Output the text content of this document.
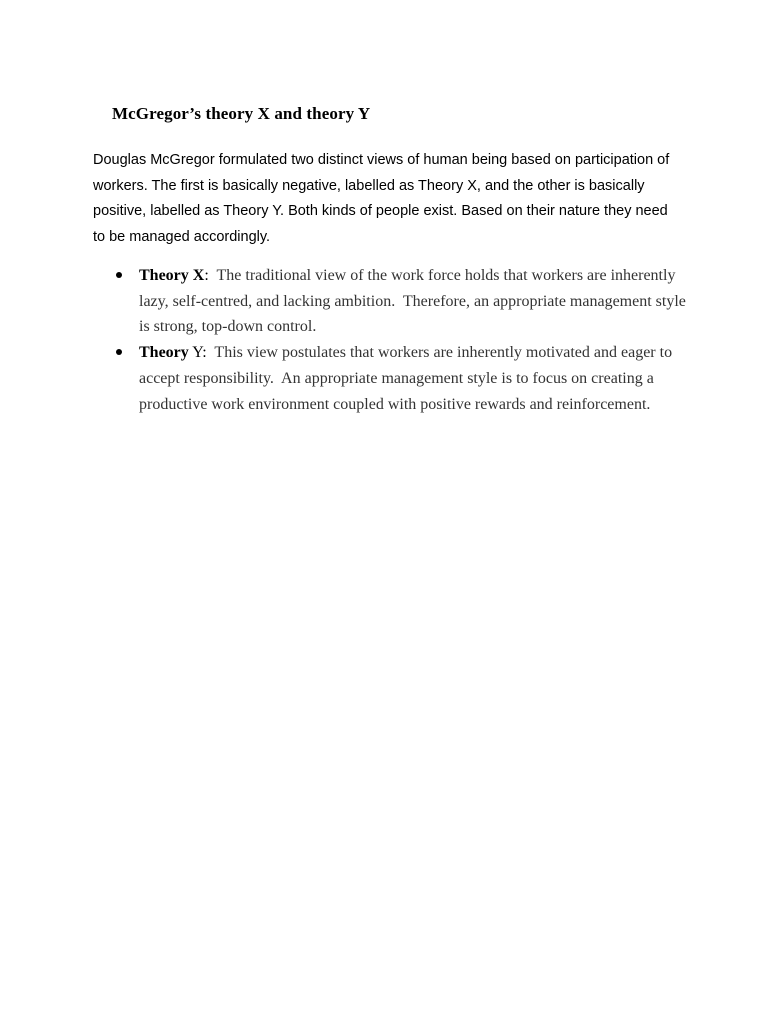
McGregor’s theory X and theory Y

Douglas McGregor formulated two distinct views of human being based on participation of workers. The first is basically negative, labelled as Theory X, and the other is basically positive, labelled as Theory Y. Both kinds of people exist. Based on their nature they need to be managed accordingly.

Theory X:  The traditional view of the work force holds that workers are inherently lazy, self-centred, and lacking ambition.  Therefore, an appropriate management style is strong, top-down control.
Theory Y:  This view postulates that workers are inherently motivated and eager to accept responsibility.  An appropriate management style is to focus on creating a productive work environment coupled with positive rewards and reinforcement.
